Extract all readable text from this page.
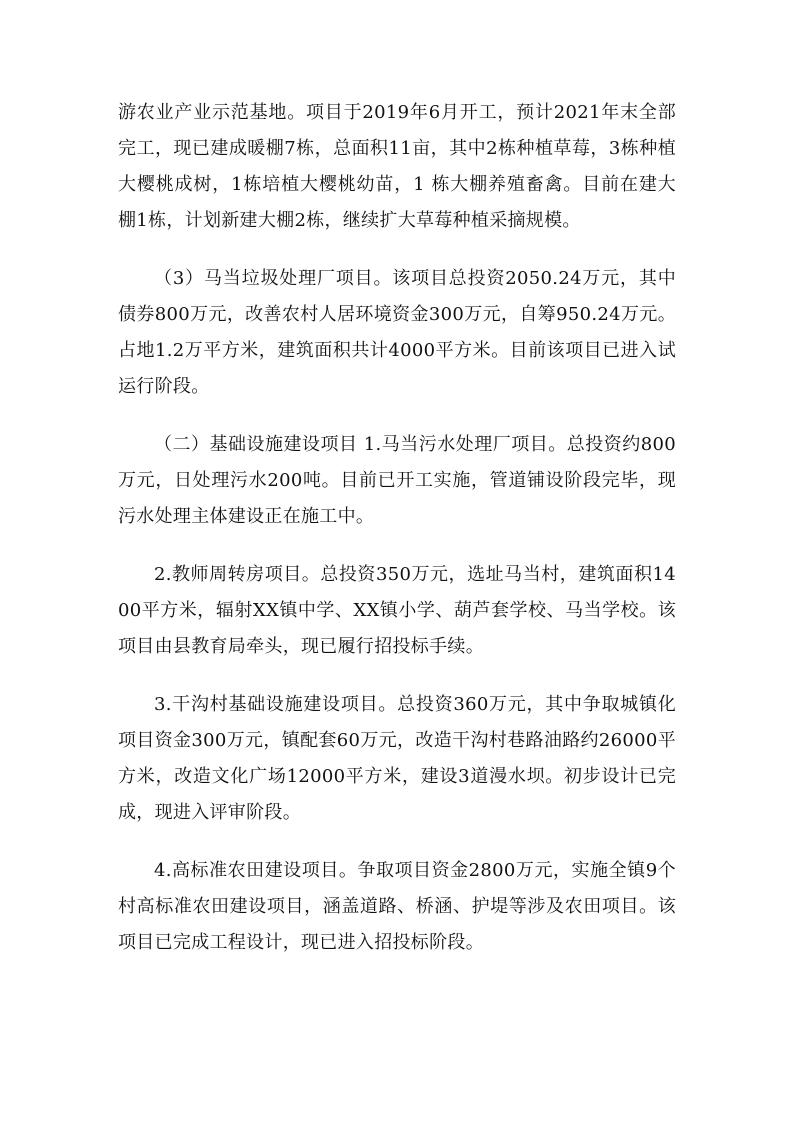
游农业产业示范基地。项目于2019年6月开工，预计2021年末全部完工，现已建成暖棚7栋，总面积11亩，其中2栋种植草莓，3栋种植大樱桃成树，1栋培植大樱桃幼苗，1 栋大棚养殖畜禽。目前在建大棚1栋，计划新建大棚2栋，继续扩大草莓种植采摘规模。

（3）马当垃圾处理厂项目。该项目总投资2050.24万元，其中债券800万元，改善农村人居环境资金300万元，自筹950.24万元。占地1.2万平方米，建筑面积共计4000平方米。目前该项目已进入试运行阶段。

（二）基础设施建设项目 1.马当污水处理厂项目。总投资约800万元，日处理污水200吨。目前已开工实施，管道铺设阶段完毕，现污水处理主体建设正在施工中。

2.教师周转房项目。总投资350万元，选址马当村，建筑面积1400平方米，辐射XX镇中学、XX镇小学、葫芦套学校、马当学校。该项目由县教育局牵头，现已履行招投标手续。

3.干沟村基础设施建设项目。总投资360万元，其中争取城镇化项目资金300万元，镇配套60万元，改造干沟村巷路油路约26000平方米，改造文化广场12000平方米，建设3道漫水坝。初步设计已完成，现进入评审阶段。

4.高标准农田建设项目。争取项目资金2800万元，实施全镇9个村高标准农田建设项目，涵盖道路、桥涵、护堤等涉及农田项目。该项目已完成工程设计，现已进入招投标阶段。
